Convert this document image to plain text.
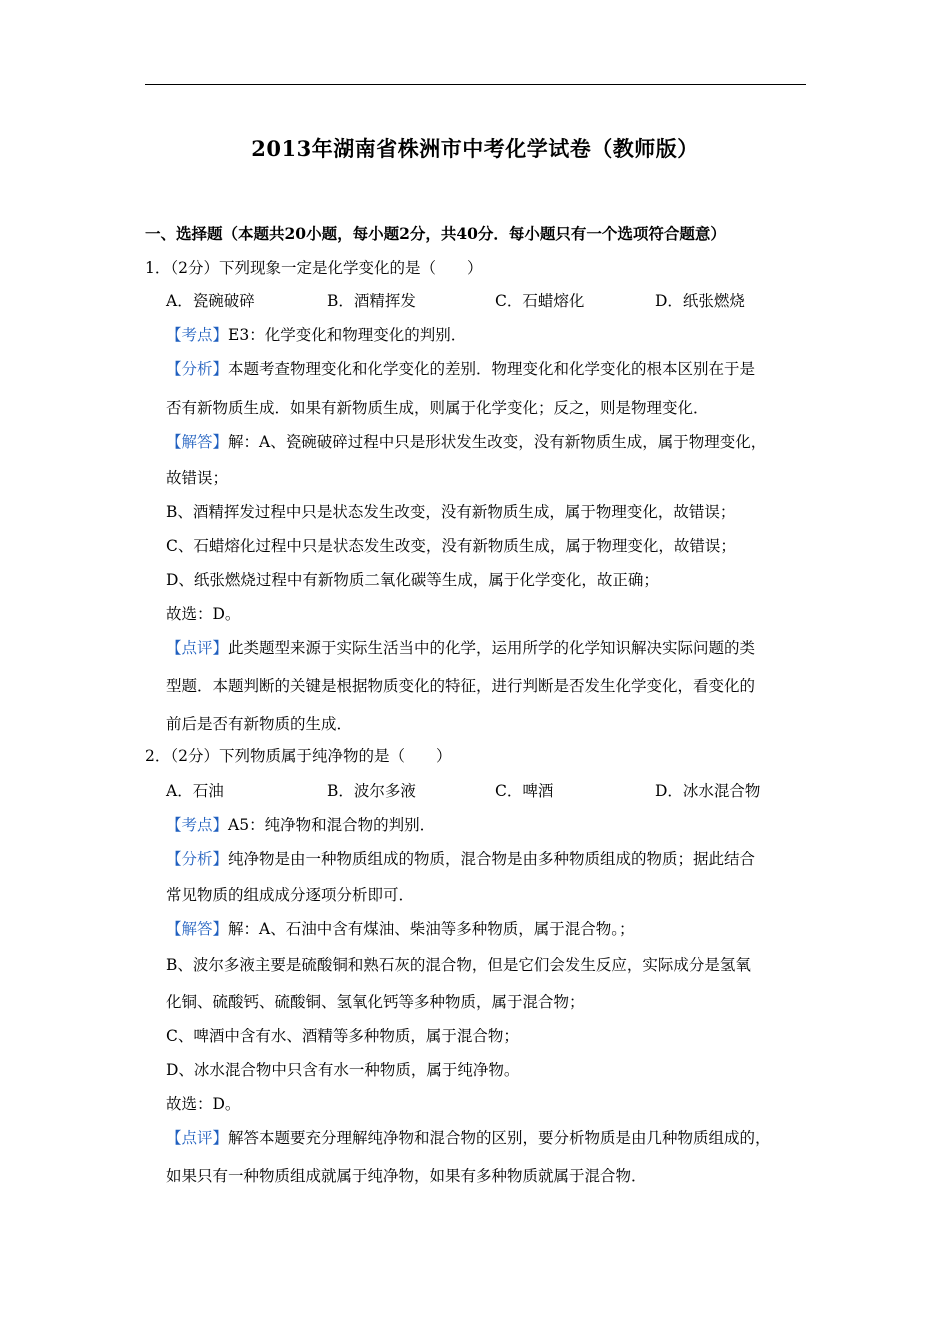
2013年湖南省株洲市中考化学试卷（教师版）
一、选择题（本题共20小题，每小题2分，共40分．每小题只有一个选项符合题意）
1．（2分）下列现象一定是化学变化的是（　　）
A．瓷碗破碎	B．酒精挥发	C．石蜡熔化	D．纸张燃烧
【考点】E3：化学变化和物理变化的判别．
【分析】本题考查物理变化和化学变化的差别．物理变化和化学变化的根本区别在于是
否有新物质生成．如果有新物质生成，则属于化学变化；反之，则是物理变化．
【解答】解：A、瓷碗破碎过程中只是形状发生改变，没有新物质生成，属于物理变化，
故错误；
B、酒精挥发过程中只是状态发生改变，没有新物质生成，属于物理变化，故错误；
C、石蜡熔化过程中只是状态发生改变，没有新物质生成，属于物理变化，故错误；
D、纸张燃烧过程中有新物质二氧化碳等生成，属于化学变化，故正确；
故选：D。
【点评】此类题型来源于实际生活当中的化学，运用所学的化学知识解决实际问题的类
型题．本题判断的关键是根据物质变化的特征，进行判断是否发生化学变化，看变化的
前后是否有新物质的生成．
2．（2分）下列物质属于纯净物的是（　　）
A．石油	B．波尔多液	C．啤酒	D．冰水混合物
【考点】A5：纯净物和混合物的判别．
【分析】纯净物是由一种物质组成的物质，混合物是由多种物质组成的物质；据此结合
常见物质的组成成分逐项分析即可．
【解答】解：A、石油中含有煤油、柴油等多种物质，属于混合物。；
B、波尔多液主要是硫酸铜和熟石灰的混合物，但是它们会发生反应，实际成分是氢氧
化铜、硫酸钙、硫酸铜、氢氧化钙等多种物质，属于混合物；
C、啤酒中含有水、酒精等多种物质，属于混合物；
D、冰水混合物中只含有水一种物质，属于纯净物。
故选：D。
【点评】解答本题要充分理解纯净物和混合物的区别，要分析物质是由几种物质组成的，
如果只有一种物质组成就属于纯净物，如果有多种物质就属于混合物．
